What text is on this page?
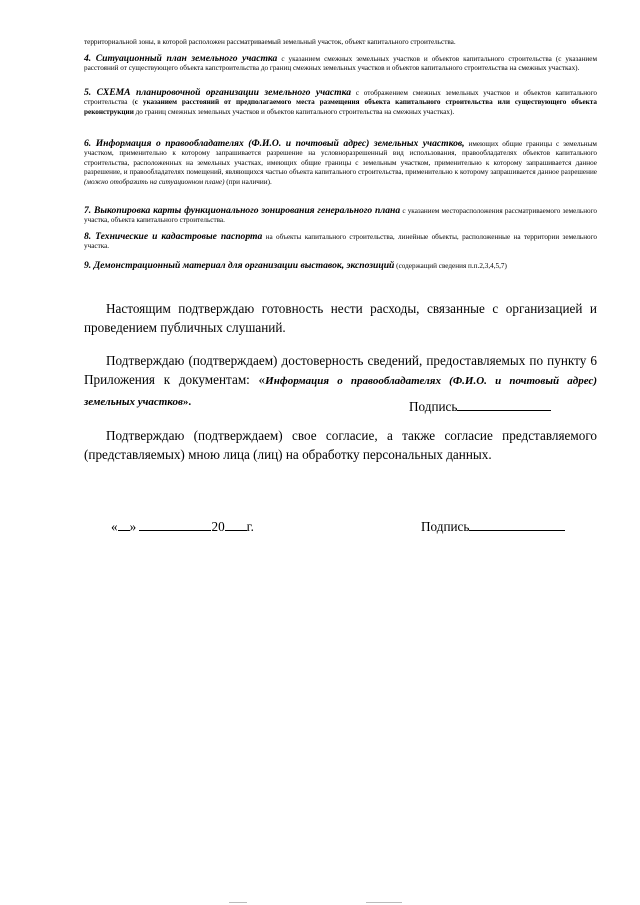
территориальной зоны, в которой расположен рассматриваемый земельный участок, объект капитального строительства.
4. Ситуационный план земельного участка с указанием смежных земельных участков и объектов капитального строительства (с указанием расстояний от существующего объекта капстроительства до границ смежных земельных участков и объектов капитального строительства на смежных участках).
5. СХЕМА планировочной организации земельного участка с отображением смежных земельных участков и объектов капитального строительства (с указанием расстояний от предполагаемого места размещения объекта капитального строительства или существующего объекта реконструкции до границ смежных земельных участков и объектов капитального строительства на смежных участках).
6. Информация о правообладателях (Ф.И.О. и почтовый адрес) земельных участков, имеющих общие границы с земельным участком, применительно к которому запрашивается разрешение на условноразрешенный вид использования, правообладателях объектов капитального строительства, расположенных на земельных участках, имеющих общие границы с земельным участком, применительно к которому запрашивается данное разрешение, и правообладателях помещений, являющихся частью объекта капитального строительства, применительно к которому запрашивается данное разрешение (можно отобразить на ситуационном плане) (при наличии).
7. Выкопировка карты функционального зонирования генерального плана с указанием месторасположения рассматриваемого земельного участка, объекта капитального строительства.
8. Технические и кадастровые паспорта на объекты капитального строительства, линейные объекты, расположенные на территории земельного участка.
9. Демонстрационный материал для организации выставок, экспозиций (содержащий сведения п.п.2,3,4,5,7)
Настоящим подтверждаю готовность нести расходы, связанные с организацией и проведением публичных слушаний.
Подтверждаю (подтверждаем) достоверность сведений, предоставляемых по пункту 6 Приложения к документам: «Информация о правообладателях (Ф.И.О. и почтовый адрес) земельных участков».	Подпись
Подтверждаю (подтверждаем) свое согласие, а также согласие представляемого (представляемых) мною лица (лиц) на обработку персональных данных.
« »	20 г.	Подпись
